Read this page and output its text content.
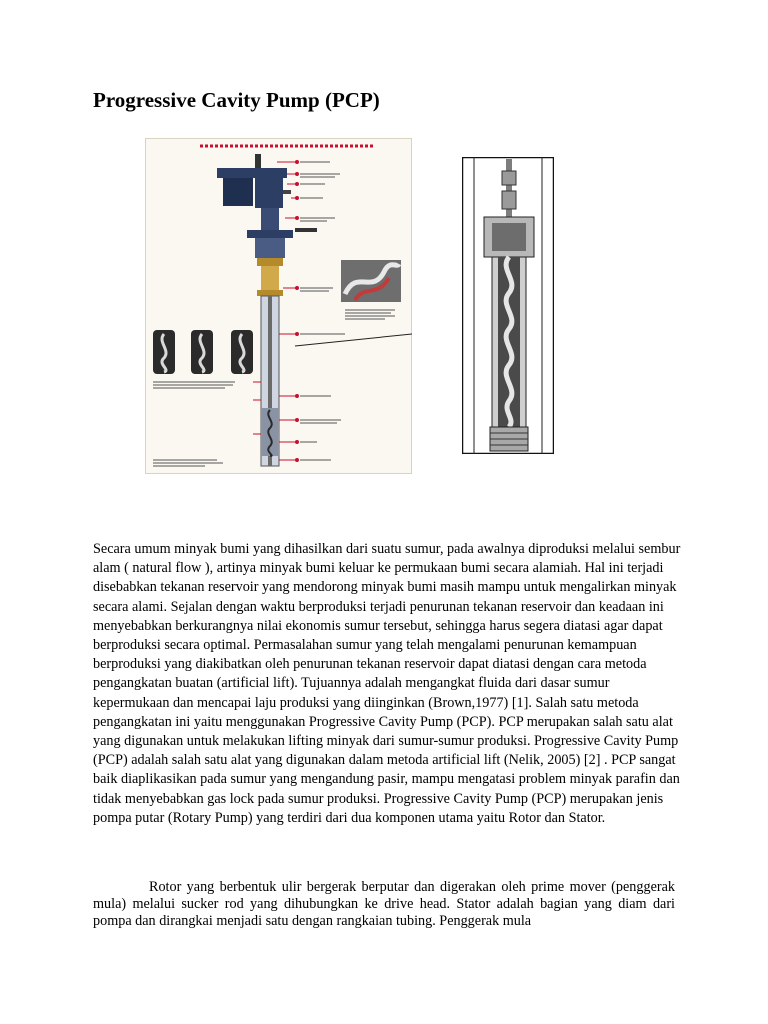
Progressive Cavity Pump (PCP)

Secara umum minyak bumi yang dihasilkan dari suatu sumur, pada awalnya diproduksi melalui sembur alam ( natural flow ), artinya minyak bumi keluar ke permukaan bumi secara alamiah. Hal ini terjadi disebabkan tekanan reservoir yang mendorong minyak bumi masih mampu untuk mengalirkan minyak secara alami. Sejalan dengan waktu berproduksi terjadi penurunan tekanan reservoir dan keadaan ini menyebabkan berkurangnya nilai ekonomis sumur tersebut, sehingga harus segera diatasi agar dapat berproduksi secara optimal. Permasalahan sumur yang telah mengalami penurunan kemampuan berproduksi yang diakibatkan oleh penurunan tekanan reservoir dapat diatasi dengan cara metoda pengangkatan buatan (artificial lift). Tujuannya adalah mengangkat fluida dari dasar sumur kepermukaan dan mencapai laju produksi yang diinginkan (Brown,1977) [1]. Salah satu metoda pengangkatan ini yaitu menggunakan Progressive Cavity Pump (PCP). PCP merupakan salah satu alat yang digunakan untuk melakukan lifting minyak dari sumur-sumur produksi. Progressive Cavity Pump (PCP) adalah salah satu alat yang digunakan dalam metoda artificial lift (Nelik, 2005) [2] . PCP sangat baik diaplikasikan pada sumur yang mengandung pasir, mampu mengatasi problem minyak parafin dan tidak menyebabkan gas lock pada sumur produksi. Progressive Cavity Pump (PCP) merupakan jenis pompa putar (Rotary Pump) yang terdiri dari dua komponen utama yaitu Rotor dan Stator.

Rotor yang berbentuk ulir bergerak berputar dan digerakan oleh prime mover (penggerak mula) melalui sucker rod yang dihubungkan ke drive head. Stator adalah bagian yang diam dari pompa dan dirangkai menjadi satu dengan rangkaian tubing. Penggerak mula
